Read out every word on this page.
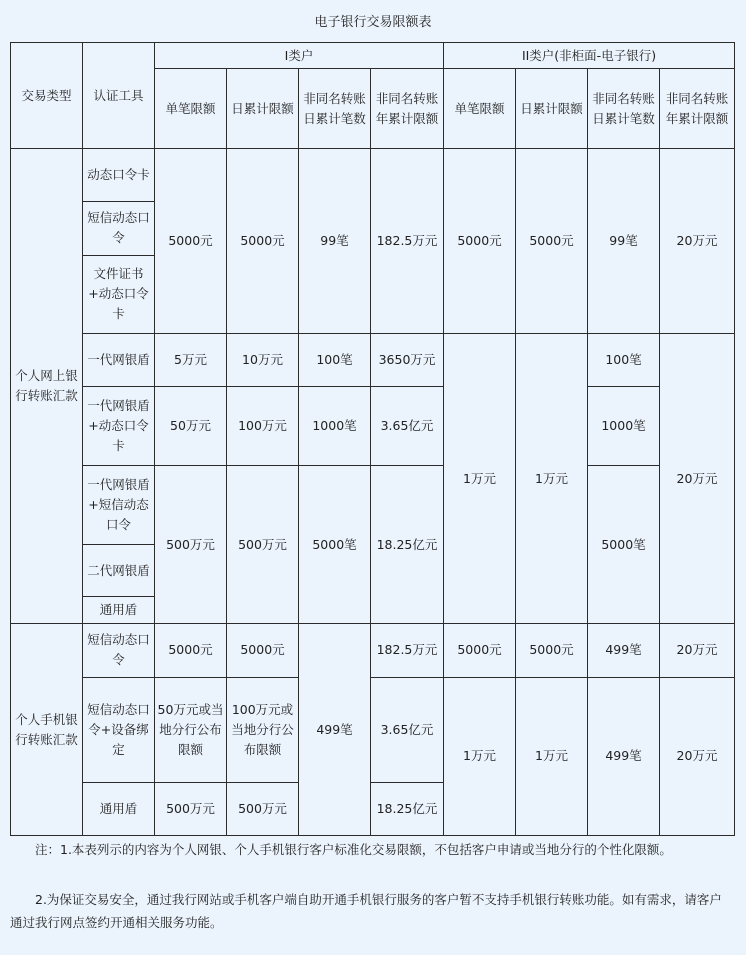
电子银行交易限额表
交易类型	认证工具	I类户				II类户(非柜面-电子银行)			
		单笔限额	日累计限额	非同名转账日累计笔数	非同名转账年累计限额	单笔限额	日累计限额	非同名转账日累计笔数	非同名转账年累计限额
个人网上银行转账汇款	动态口令卡	5000元	5000元	99笔	182.5万元	5000元	5000元	99笔	20万元
	短信动态口令								
	文件证书+动态口令卡								
	一代网银盾	5万元	10万元	100笔	3650万元	1万元	1万元	100笔	20万元
	一代网银盾+动态口令卡	50万元	100万元	1000笔	3.65亿元			1000笔	
	一代网银盾+短信动态口令	500万元	500万元	5000笔	18.25亿元			5000笔	
	二代网银盾								
	通用盾								
个人手机银行转账汇款	短信动态口令	5000元	5000元	499笔	182.5万元	5000元	5000元	499笔	20万元
	短信动态口令+设备绑定	50万元或当地分行公布限额	100万元或当地分行公布限额		3.65亿元	1万元	1万元	499笔	20万元
	通用盾	500万元	500万元		18.25亿元				

注：1.本表列示的内容为个人网银、个人手机银行客户标准化交易限额，不包括客户申请或当地分行的个性化限额。

2.为保证交易安全，通过我行网站或手机客户端自助开通手机银行服务的客户暂不支持手机银行转账功能。如有需求，请客户通过我行网点签约开通相关服务功能。
